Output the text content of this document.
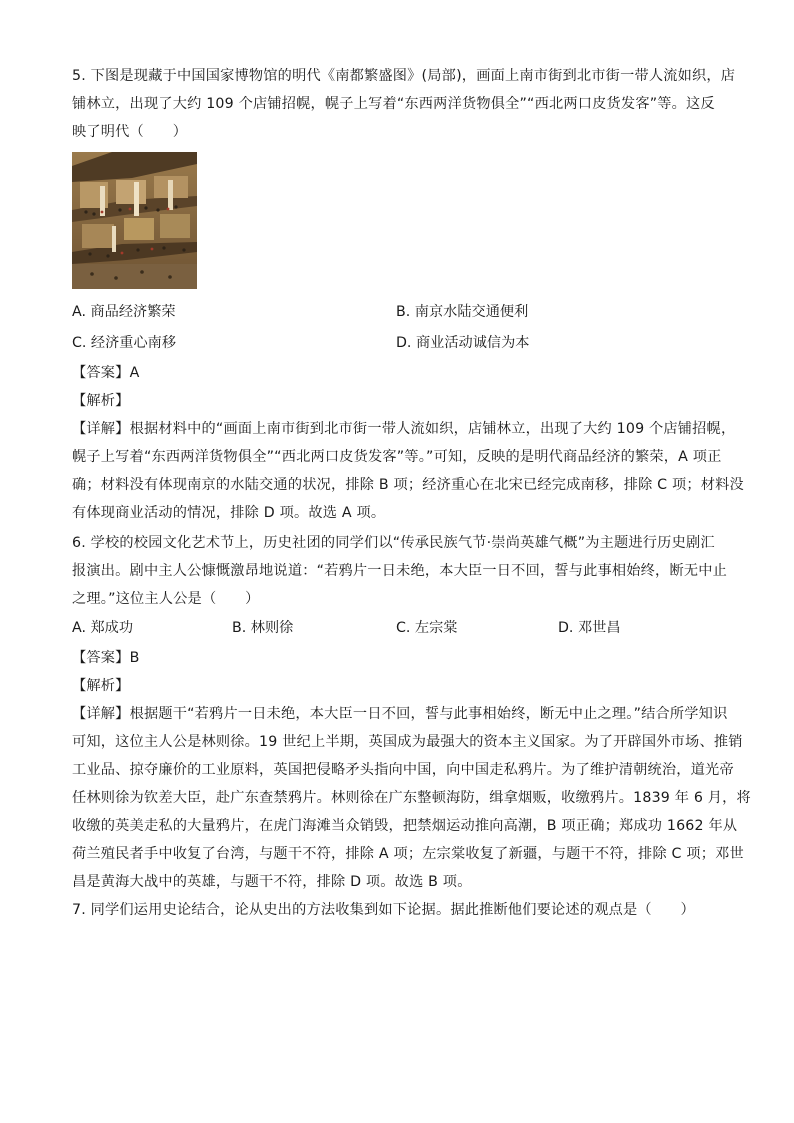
5. 下图是现藏于中国国家博物馆的明代《南都繁盛图》(局部)，画面上南市街到北市街一带人流如织，店
铺林立，出现了大约 109 个店铺招幌，幌子上写着“东西两洋货物俱全”“西北两口皮货发客”等。这反
映了明代（　　）
A. 商品经济繁荣	B. 南京水陆交通便利
C. 经济重心南移	D. 商业活动诚信为本
【答案】A
【解析】
【详解】根据材料中的“画面上南市街到北市街一带人流如织，店铺林立，出现了大约 109 个店铺招幌，
幌子上写着“东西两洋货物俱全”“西北两口皮货发客”等。”可知，反映的是明代商品经济的繁荣，A 项正
确；材料没有体现南京的水陆交通的状况，排除 B 项；经济重心在北宋已经完成南移，排除 C 项；材料没
有体现商业活动的情况，排除 D 项。故选 A 项。
6. 学校的校园文化艺术节上，历史社团的同学们以“传承民族气节·崇尚英雄气概”为主题进行历史剧汇
报演出。剧中主人公慷慨激昂地说道：“若鸦片一日未绝，本大臣一日不回，誓与此事相始终，断无中止
之理。”这位主人公是（　　）
A. 郑成功	B. 林则徐	C. 左宗棠	D. 邓世昌
【答案】B
【解析】
【详解】根据题干“若鸦片一日未绝，本大臣一日不回，誓与此事相始终，断无中止之理。”结合所学知识
可知，这位主人公是林则徐。19 世纪上半期，英国成为最强大的资本主义国家。为了开辟国外市场、推销
工业品、掠夺廉价的工业原料，英国把侵略矛头指向中国，向中国走私鸦片。为了维护清朝统治，道光帝
任林则徐为钦差大臣，赴广东查禁鸦片。林则徐在广东整顿海防，缉拿烟贩，收缴鸦片。1839 年 6 月，将
收缴的英美走私的大量鸦片，在虎门海滩当众销毁，把禁烟运动推向高潮，B 项正确；郑成功 1662 年从
荷兰殖民者手中收复了台湾，与题干不符，排除 A 项；左宗棠收复了新疆，与题干不符，排除 C 项；邓世
昌是黄海大战中的英雄，与题干不符，排除 D 项。故选 B 项。
7. 同学们运用史论结合，论从史出的方法收集到如下论据。据此推断他们要论述的观点是（　　）
